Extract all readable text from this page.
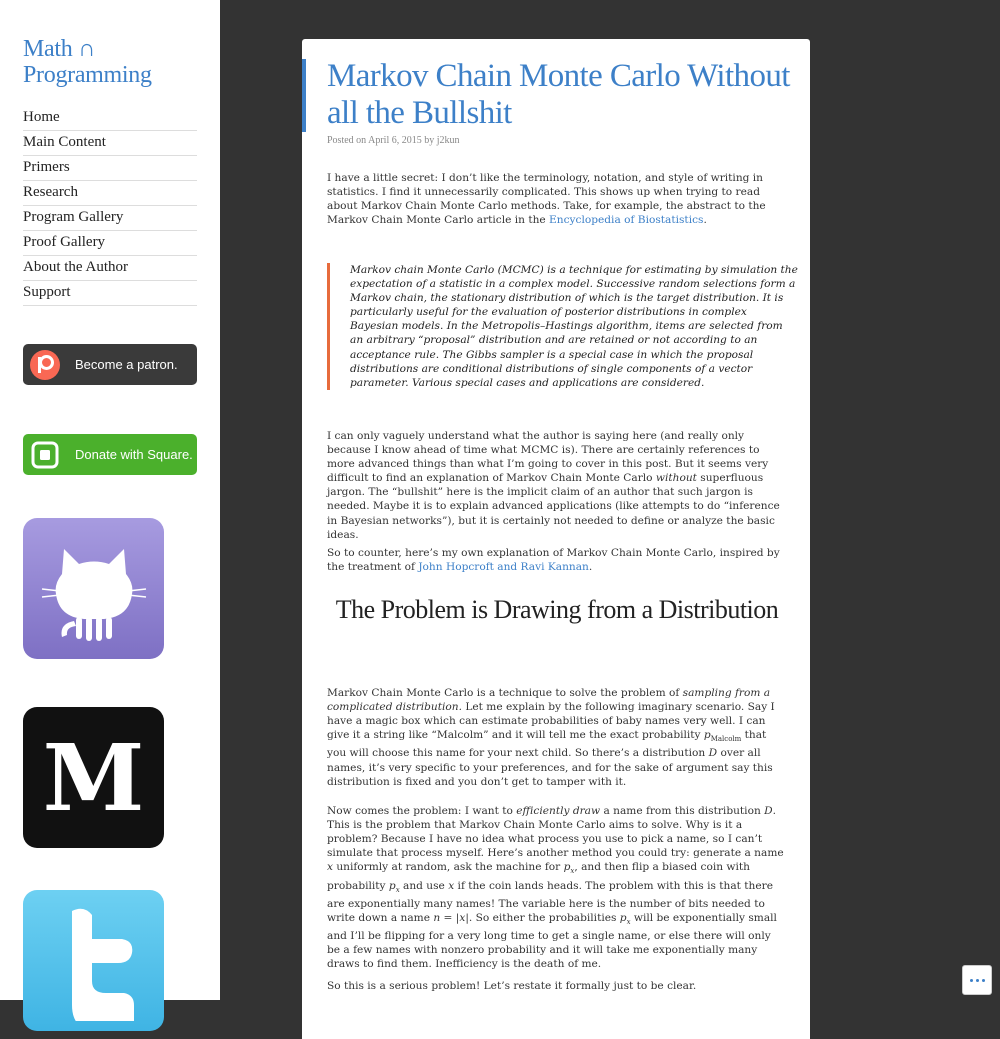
Math ∩ Programming
Home
Main Content
Primers
Research
Program Gallery
Proof Gallery
About the Author
Support
Become a patron.
Donate with Square.
M
Markov Chain Monte Carlo Without all the Bullshit
Posted on April 6, 2015 by j2kun

I have a little secret: I don’t like the terminology, notation, and style of writing in statistics. I find it unnecessarily complicated. This shows up when trying to read about Markov Chain Monte Carlo methods. Take, for example, the abstract to the Markov Chain Monte Carlo article in the Encyclopedia of Biostatistics.

Markov chain Monte Carlo (MCMC) is a technique for estimating by simulation the expectation of a statistic in a complex model. Successive random selections form a Markov chain, the stationary distribution of which is the target distribution. It is particularly useful for the evaluation of posterior distributions in complex Bayesian models. In the Metropolis–Hastings algorithm, items are selected from an arbitrary “proposal” distribution and are retained or not according to an acceptance rule. The Gibbs sampler is a special case in which the proposal distributions are conditional distributions of single components of a vector parameter. Various special cases and applications are considered.

I can only vaguely understand what the author is saying here (and really only because I know ahead of time what MCMC is). There are certainly references to more advanced things than what I’m going to cover in this post. But it seems very difficult to find an explanation of Markov Chain Monte Carlo without superfluous jargon. The “bullshit” here is the implicit claim of an author that such jargon is needed. Maybe it is to explain advanced applications (like attempts to do “inference in Bayesian networks”), but it is certainly not needed to define or analyze the basic ideas.

So to counter, here’s my own explanation of Markov Chain Monte Carlo, inspired by the treatment of John Hopcroft and Ravi Kannan.

The Problem is Drawing from a Distribution

Markov Chain Monte Carlo is a technique to solve the problem of sampling from a complicated distribution. Let me explain by the following imaginary scenario. Say I have a magic box which can estimate probabilities of baby names very well. I can give it a string like “Malcolm” and it will tell me the exact probability $p_{Malcolm}$ that you will choose this name for your next child. So there’s a distribution D over all names, it’s very specific to your preferences, and for the sake of argument say this distribution is fixed and you don’t get to tamper with it.

Now comes the problem: I want to efficiently draw a name from this distribution D. This is the problem that Markov Chain Monte Carlo aims to solve. Why is it a problem? Because I have no idea what process you use to pick a name, so I can’t simulate that process myself. Here’s another method you could try: generate a name x uniformly at random, ask the machine for $p_x$, and then flip a biased coin with probability $p_x$ and use x if the coin lands heads. The problem with this is that there are exponentially many names! The variable here is the number of bits needed to write down a name n = |x|. So either the probabilities $p_x$ will be exponentially small and I’ll be flipping for a very long time to get a single name, or else there will only be a few names with nonzero probability and it will take me exponentially many draws to find them. Inefficiency is the death of me.

So this is a serious problem! Let’s restate it formally just to be clear.
